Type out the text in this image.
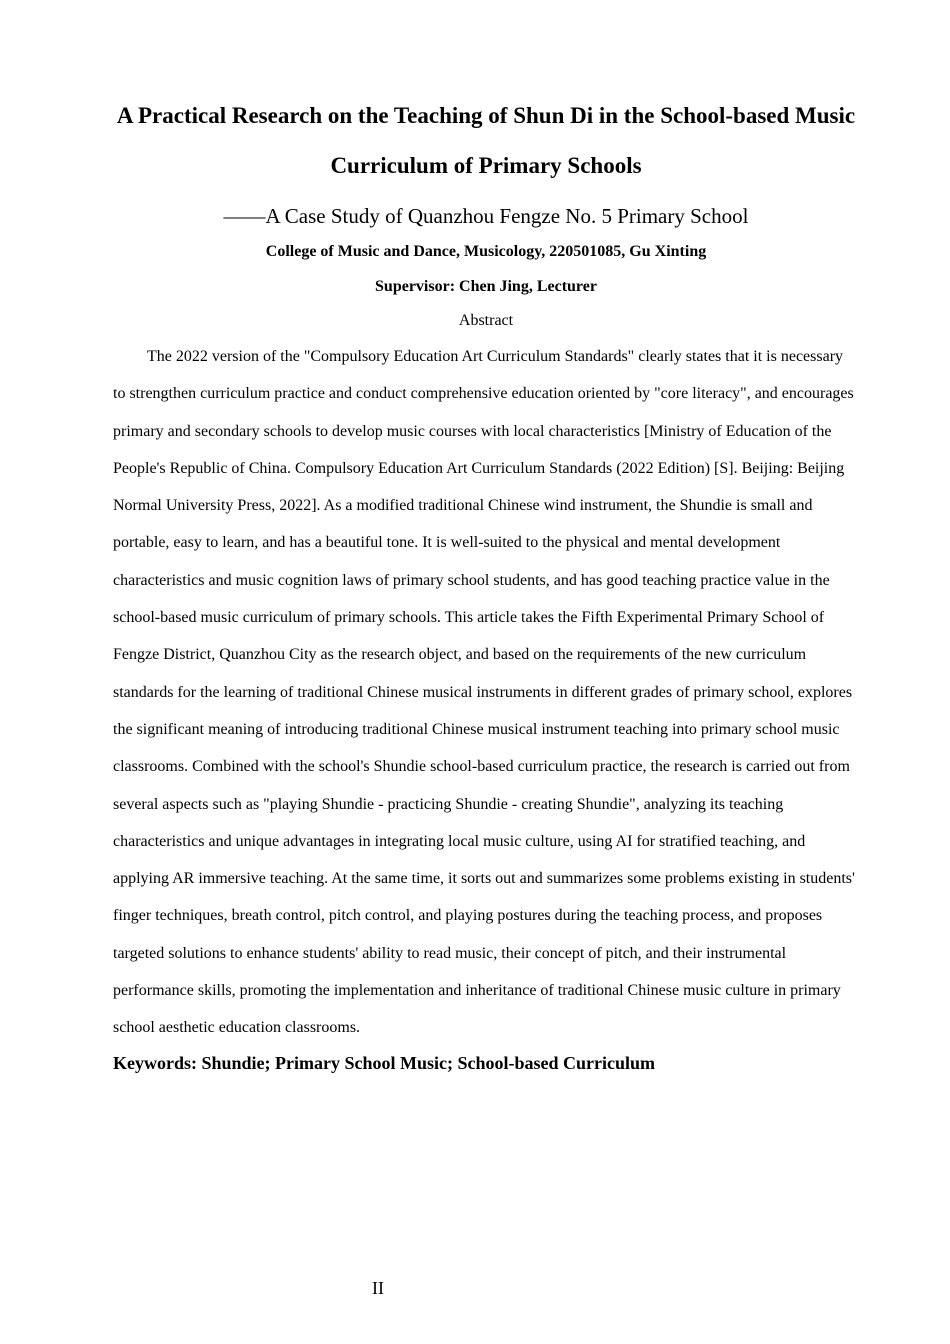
A Practical Research on the Teaching of Shun Di in the School-based Music Curriculum of Primary Schools

——A Case Study of Quanzhou Fengze No. 5 Primary School

College of Music and Dance, Musicology, 220501085, Gu Xinting

Supervisor: Chen Jing, Lecturer

Abstract

The 2022 version of the "Compulsory Education Art Curriculum Standards" clearly states that it is necessary to strengthen curriculum practice and conduct comprehensive education oriented by "core literacy", and encourages primary and secondary schools to develop music courses with local characteristics [Ministry of Education of the People's Republic of China. Compulsory Education Art Curriculum Standards (2022 Edition) [S]. Beijing: Beijing Normal University Press, 2022]. As a modified traditional Chinese wind instrument, the Shundie is small and portable, easy to learn, and has a beautiful tone. It is well-suited to the physical and mental development characteristics and music cognition laws of primary school students, and has good teaching practice value in the school-based music curriculum of primary schools. This article takes the Fifth Experimental Primary School of Fengze District, Quanzhou City as the research object, and based on the requirements of the new curriculum standards for the learning of traditional Chinese musical instruments in different grades of primary school, explores the significant meaning of introducing traditional Chinese musical instrument teaching into primary school music classrooms. Combined with the school's Shundie school-based curriculum practice, the research is carried out from several aspects such as "playing Shundie - practicing Shundie - creating Shundie", analyzing its teaching characteristics and unique advantages in integrating local music culture, using AI for stratified teaching, and applying AR immersive teaching. At the same time, it sorts out and summarizes some problems existing in students' finger techniques, breath control, pitch control, and playing postures during the teaching process, and proposes targeted solutions to enhance students' ability to read music, their concept of pitch, and their instrumental performance skills, promoting the implementation and inheritance of traditional Chinese music culture in primary school aesthetic education classrooms.

Keywords: Shundie; Primary School Music; School-based Curriculum

II
